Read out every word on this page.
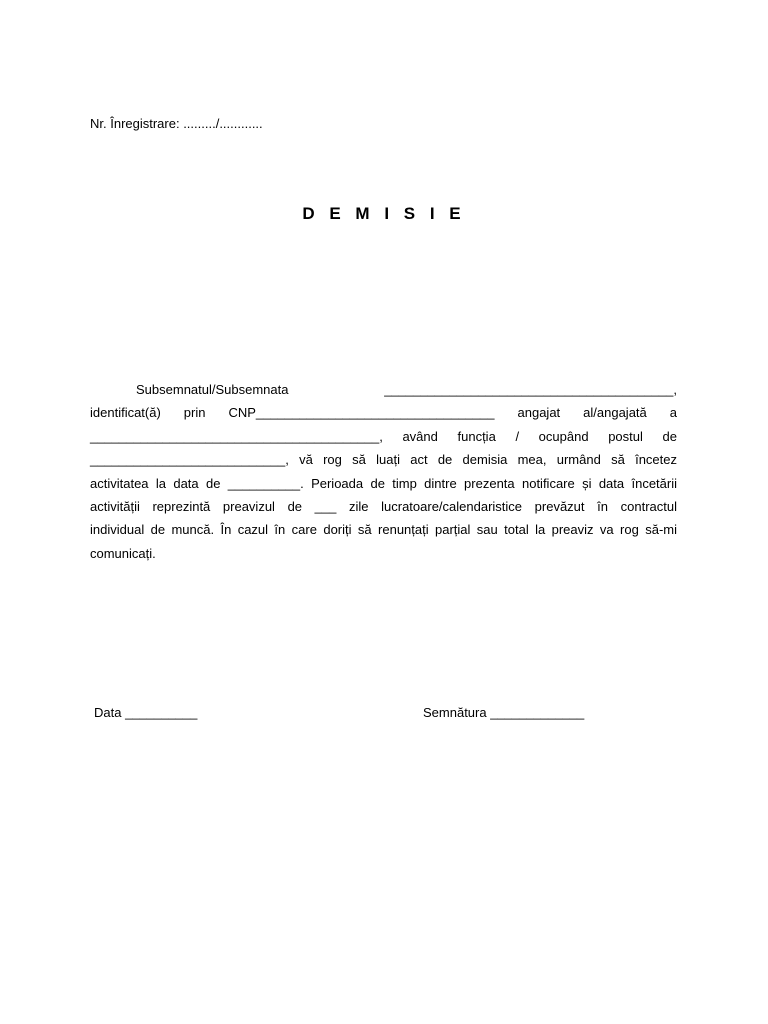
Nr. Înregistrare: ........./............
D E M I S I E
Subsemnatul/Subsemnata ________________________________________,
identificat(ă) prin CNP_________________________________ angajat al/angajată a
________________________________________, având funcția / ocupând postul de
___________________________, vă rog să luați act de demisia mea, urmând să încetez
activitatea la data de __________. Perioada de timp dintre prezenta notificare și data încetării
activității reprezintă preavizul de ___ zile lucratoare/calendaristice prevăzut în contractul
individual de muncă. În cazul în care doriți să renunțați parțial sau total la preaviz va rog să-mi
comunicați.
Data __________	Semnătura _____________
